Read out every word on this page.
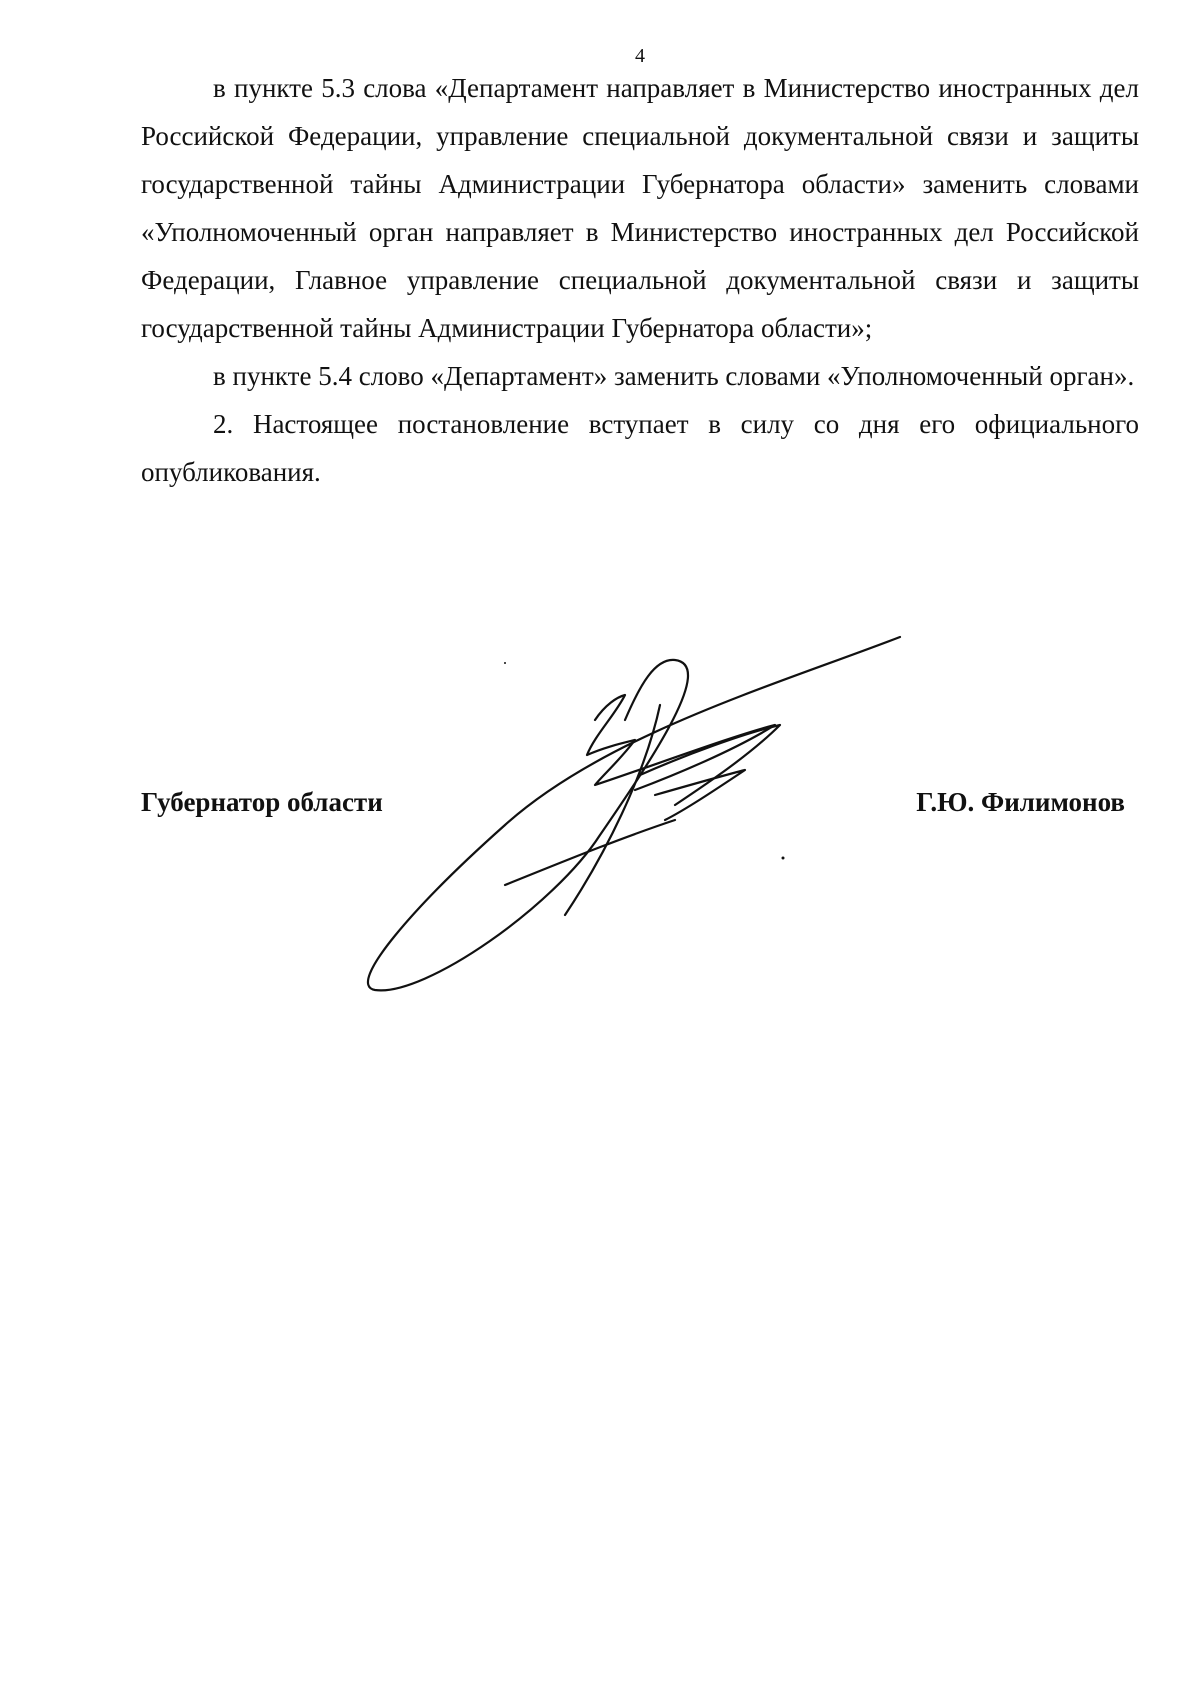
4

в пункте 5.3 слова «Департамент направляет в Министерство иностранных дел Российской Федерации, управление специальной документальной связи и защиты государственной тайны Администрации Губернатора области» заменить словами «Уполномоченный орган направляет в Министерство иностранных дел Российской Федерации, Главное управление специальной документальной связи и защиты государственной тайны Администрации Губернатора области»;

в пункте 5.4 слово «Департамент» заменить словами «Уполномоченный орган».

2. Настоящее постановление вступает в силу со дня его официального опубликования.

Губернатор области	Г.Ю. Филимонов
